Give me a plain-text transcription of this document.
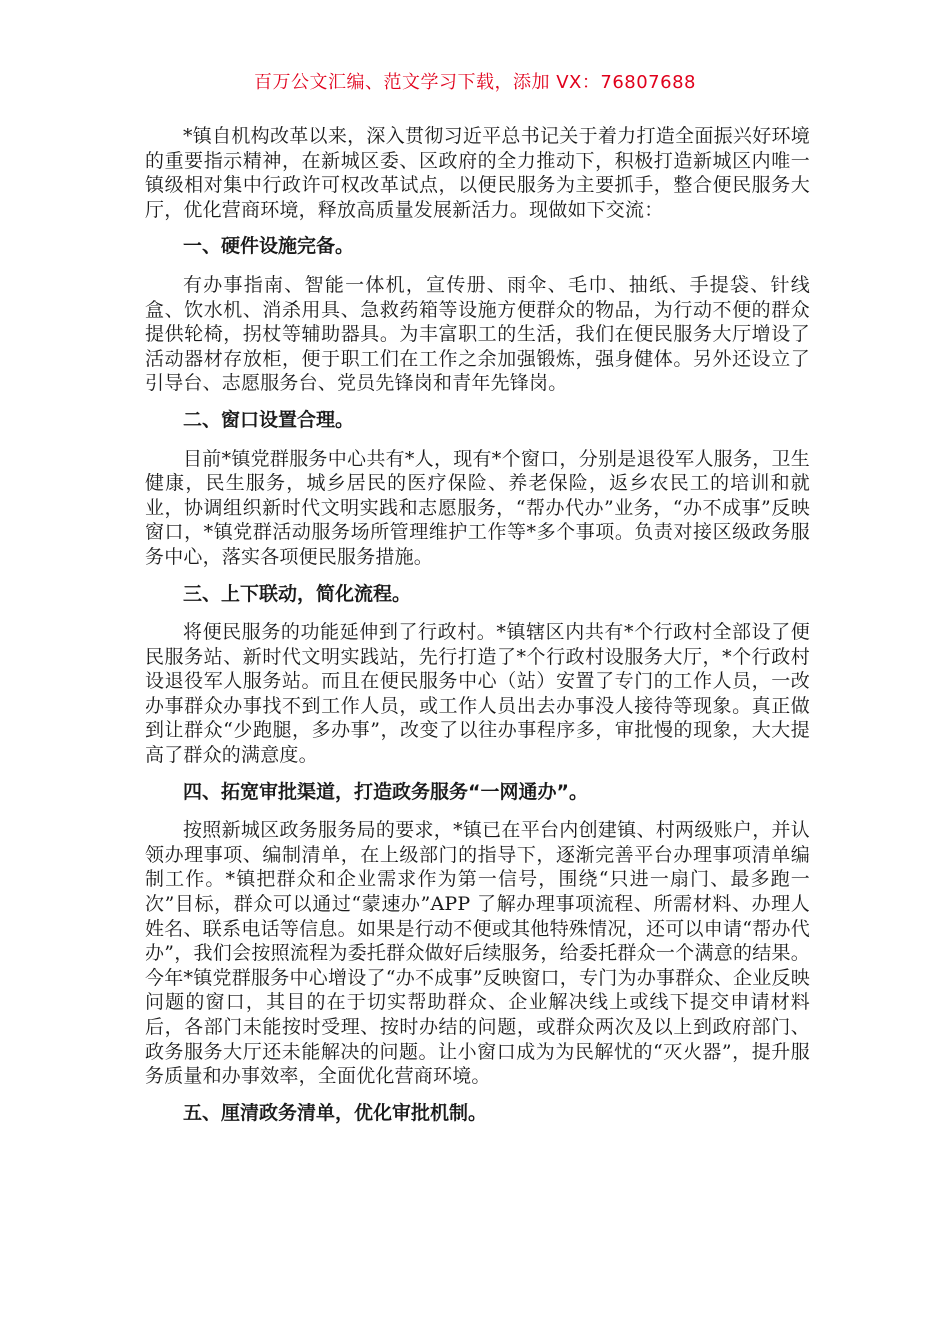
百万公文汇编、范文学习下载，添加 VX：76807688

*镇自机构改革以来，深入贯彻习近平总书记关于着力打造全面振兴好环境的重要指示精神，在新城区委、区政府的全力推动下，积极打造新城区内唯一镇级相对集中行政许可权改革试点，以便民服务为主要抓手，整合便民服务大厅，优化营商环境，释放高质量发展新活力。现做如下交流：

一、硬件设施完备。

有办事指南、智能一体机，宣传册、雨伞、毛巾、抽纸、手提袋、针线盒、饮水机、消杀用具、急救药箱等设施方便群众的物品，为行动不便的群众提供轮椅，拐杖等辅助器具。为丰富职工的生活，我们在便民服务大厅增设了活动器材存放柜，便于职工们在工作之余加强锻炼，强身健体。另外还设立了引导台、志愿服务台、党员先锋岗和青年先锋岗。

二、窗口设置合理。

目前*镇党群服务中心共有*人，现有*个窗口，分别是退役军人服务，卫生健康，民生服务，城乡居民的医疗保险、养老保险，返乡农民工的培训和就业，协调组织新时代文明实践和志愿服务，“帮办代办”业务，“办不成事”反映窗口，*镇党群活动服务场所管理维护工作等*多个事项。负责对接区级政务服务中心，落实各项便民服务措施。

三、上下联动，简化流程。

将便民服务的功能延伸到了行政村。*镇辖区内共有*个行政村全部设了便民服务站、新时代文明实践站，先行打造了*个行政村设服务大厅，*个行政村设退役军人服务站。而且在便民服务中心（站）安置了专门的工作人员，一改办事群众办事找不到工作人员，或工作人员出去办事没人接待等现象。真正做到让群众“少跑腿，多办事”，改变了以往办事程序多，审批慢的现象，大大提高了群众的满意度。

四、拓宽审批渠道，打造政务服务“一网通办”。

按照新城区政务服务局的要求，*镇已在平台内创建镇、村两级账户，并认领办理事项、编制清单，在上级部门的指导下，逐渐完善平台办理事项清单编制工作。*镇把群众和企业需求作为第一信号，围绕“只进一扇门、最多跑一次”目标，群众可以通过“蒙速办”APP 了解办理事项流程、所需材料、办理人姓名、联系电话等信息。如果是行动不便或其他特殊情况，还可以申请“帮办代办”，我们会按照流程为委托群众做好后续服务，给委托群众一个满意的结果。今年*镇党群服务中心增设了“办不成事”反映窗口，专门为办事群众、企业反映问题的窗口，其目的在于切实帮助群众、企业解决线上或线下提交申请材料后，各部门未能按时受理、按时办结的问题，或群众两次及以上到政府部门、政务服务大厅还未能解决的问题。让小窗口成为为民解忧的“灭火器”，提升服务质量和办事效率，全面优化营商环境。

五、厘清政务清单，优化审批机制。
